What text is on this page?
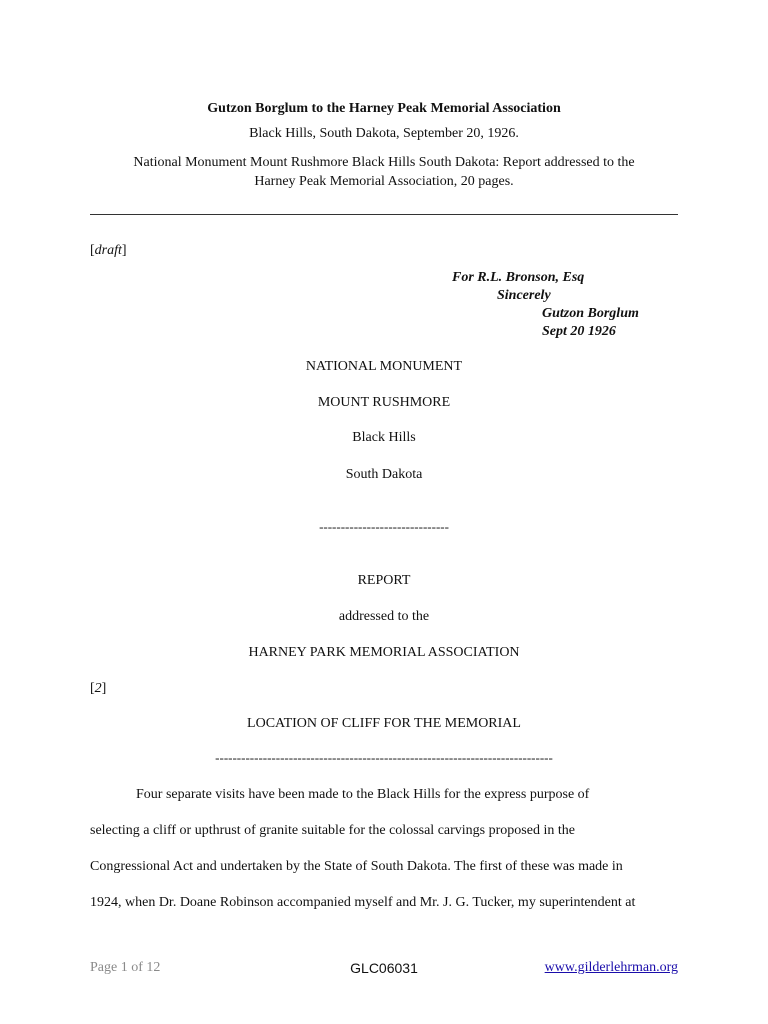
Gutzon Borglum to the Harney Peak Memorial Association
Black Hills, South Dakota, September 20, 1926.
National Monument Mount Rushmore Black Hills South Dakota: Report addressed to the
Harney Peak Memorial Association, 20 pages.
[draft]
For R.L. Bronson, Esq
Sincerely
Gutzon Borglum
Sept 20 1926
NATIONAL MONUMENT
MOUNT RUSHMORE
Black Hills
South Dakota
------------------------------
REPORT
addressed to the
HARNEY PARK MEMORIAL ASSOCIATION
[2]
LOCATION OF CLIFF FOR THE MEMORIAL
------------------------------------------------------------------------------
Four separate visits have been made to the Black Hills for the express purpose of
selecting a cliff or upthrust of granite suitable for the colossal carvings proposed in the
Congressional Act and undertaken by the State of South Dakota. The first of these was made in
1924, when Dr. Doane Robinson accompanied myself and Mr. J. G. Tucker, my superintendent at
Page 1 of 12	GLC06031	www.gilderlehrman.org
